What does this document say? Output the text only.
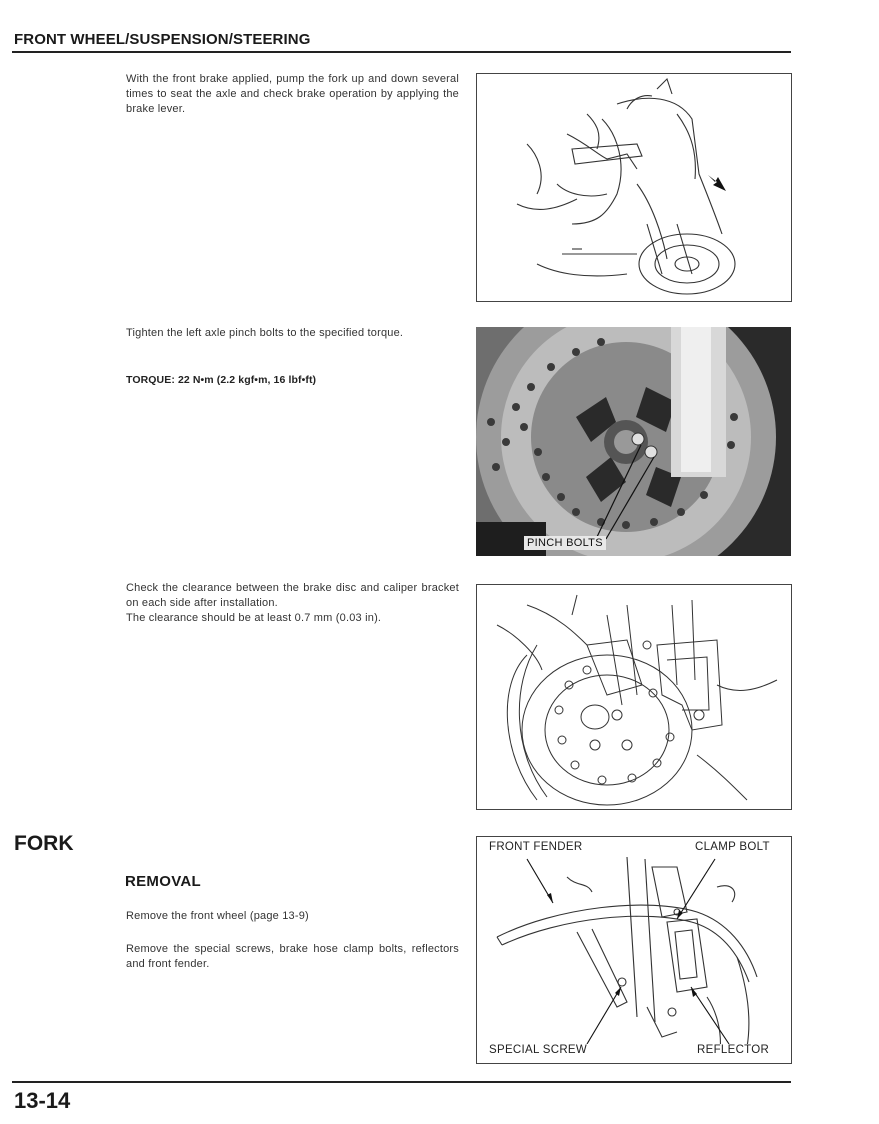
FRONT WHEEL/SUSPENSION/STEERING
With the front brake applied, pump the fork up and down several times to seat the axle and check brake operation by applying the brake lever.
Tighten the left axle pinch bolts to the specified torque.
TORQUE: 22 N•m (2.2 kgf•m, 16 lbf•ft)
PINCH BOLTS
Check the clearance between the brake disc and caliper bracket on each side after installation.
The clearance should be at least 0.7 mm (0.03 in).
FORK
REMOVAL
Remove the front wheel (page 13-9)
Remove the special screws, brake hose clamp bolts, reflectors and front fender.
FRONT FENDER	CLAMP BOLT
SPECIAL SCREW	REFLECTOR
13-14
